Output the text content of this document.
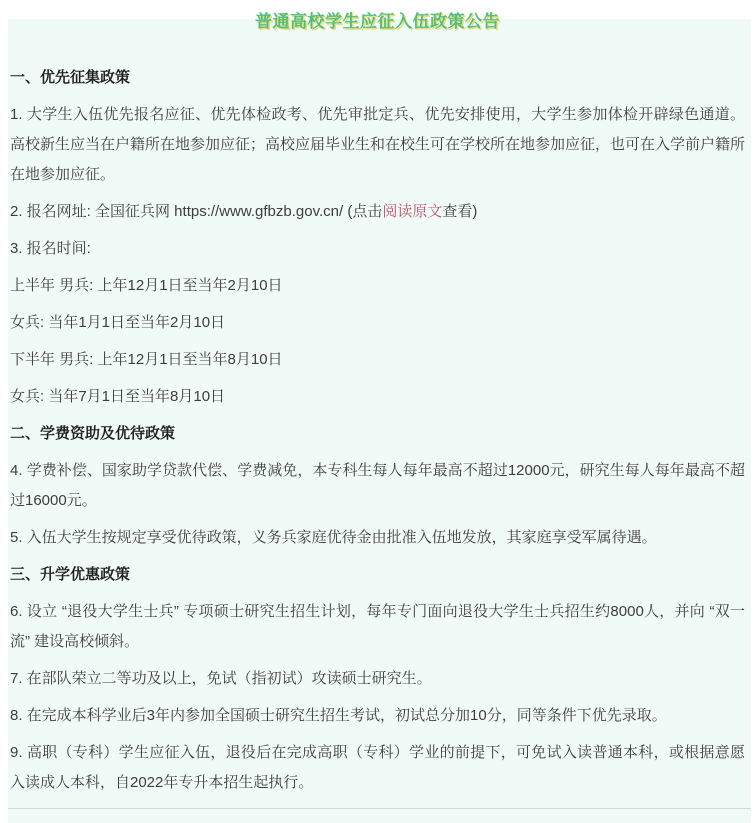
普通高校学生应征入伍政策公告

一、优先征集政策

1. 大学生入伍优先报名应征、优先体检政考、优先审批定兵、优先安排使用，大学生参加体检开辟绿色通道。高校新生应当在户籍所在地参加应征；高校应届毕业生和在校生可在学校所在地参加应征，也可在入学前户籍所在地参加应征。

2. 报名网址: 全国征兵网 https://www.gfbzb.gov.cn/ (点击阅读原文查看)

3. 报名时间:

上半年 男兵: 上年12月1日至当年2月10日

女兵: 当年1月1日至当年2月10日

下半年 男兵: 上年12月1日至当年8月10日

女兵: 当年7月1日至当年8月10日

二、学费资助及优待政策

4. 学费补偿、国家助学贷款代偿、学费减免，本专科生每人每年最高不超过12000元，研究生每人每年最高不超过16000元。

5. 入伍大学生按规定享受优待政策，义务兵家庭优待金由批准入伍地发放，其家庭享受军属待遇。

三、升学优惠政策

6. 设立 “退役大学生士兵” 专项硕士研究生招生计划，每年专门面向退役大学生士兵招生约8000人，并向 “双一流” 建设高校倾斜。

7. 在部队荣立二等功及以上，免试（指初试）攻读硕士研究生。

8. 在完成本科学业后3年内参加全国硕士研究生招生考试，初试总分加10分，同等条件下优先录取。

9. 高职（专科）学生应征入伍，退役后在完成高职（专科）学业的前提下，可免试入读普通本科，或根据意愿入读成人本科，自2022年专升本招生起执行。
